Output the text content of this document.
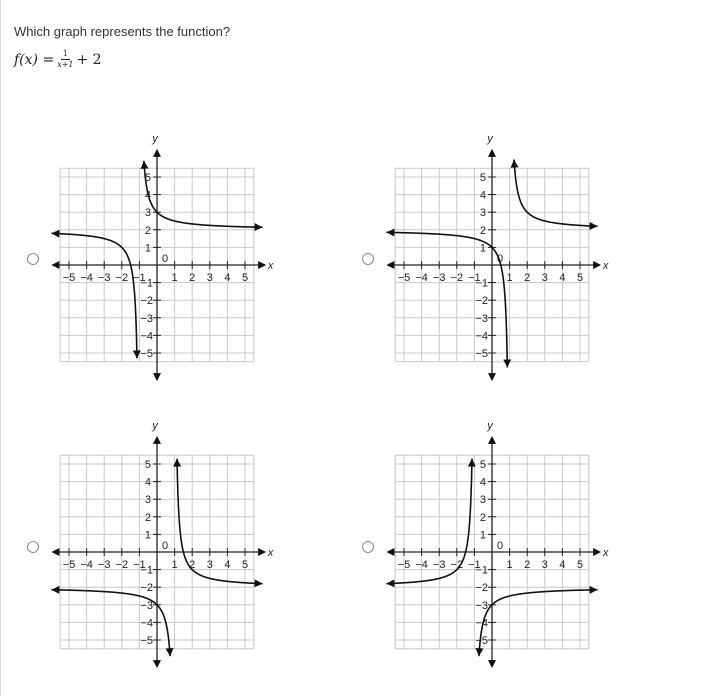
Which graph represents the function?
$f(x) = \frac{1}{x+1} + 2$
x
y
−5 −4 −3 −2 −1 1 2 3 4 5
5
4
3
2
1
−1
−2
−3
−4
−5
0
x
y
−5 −4 −3 −2 −1 1 2 3 4 5
5
4
3
2
1
−1
−2
−3
−4
−5
0
x
y
−5 −4 −3 −2 −1 1 2 3 4 5
5
4
3
2
1
−1
−2
−3
−4
−5
0
x
y
−5 −4 −3 −2 −1 1 2 3 4 5
5
4
3
2
1
−1
−2
−3
−4
−5
0
